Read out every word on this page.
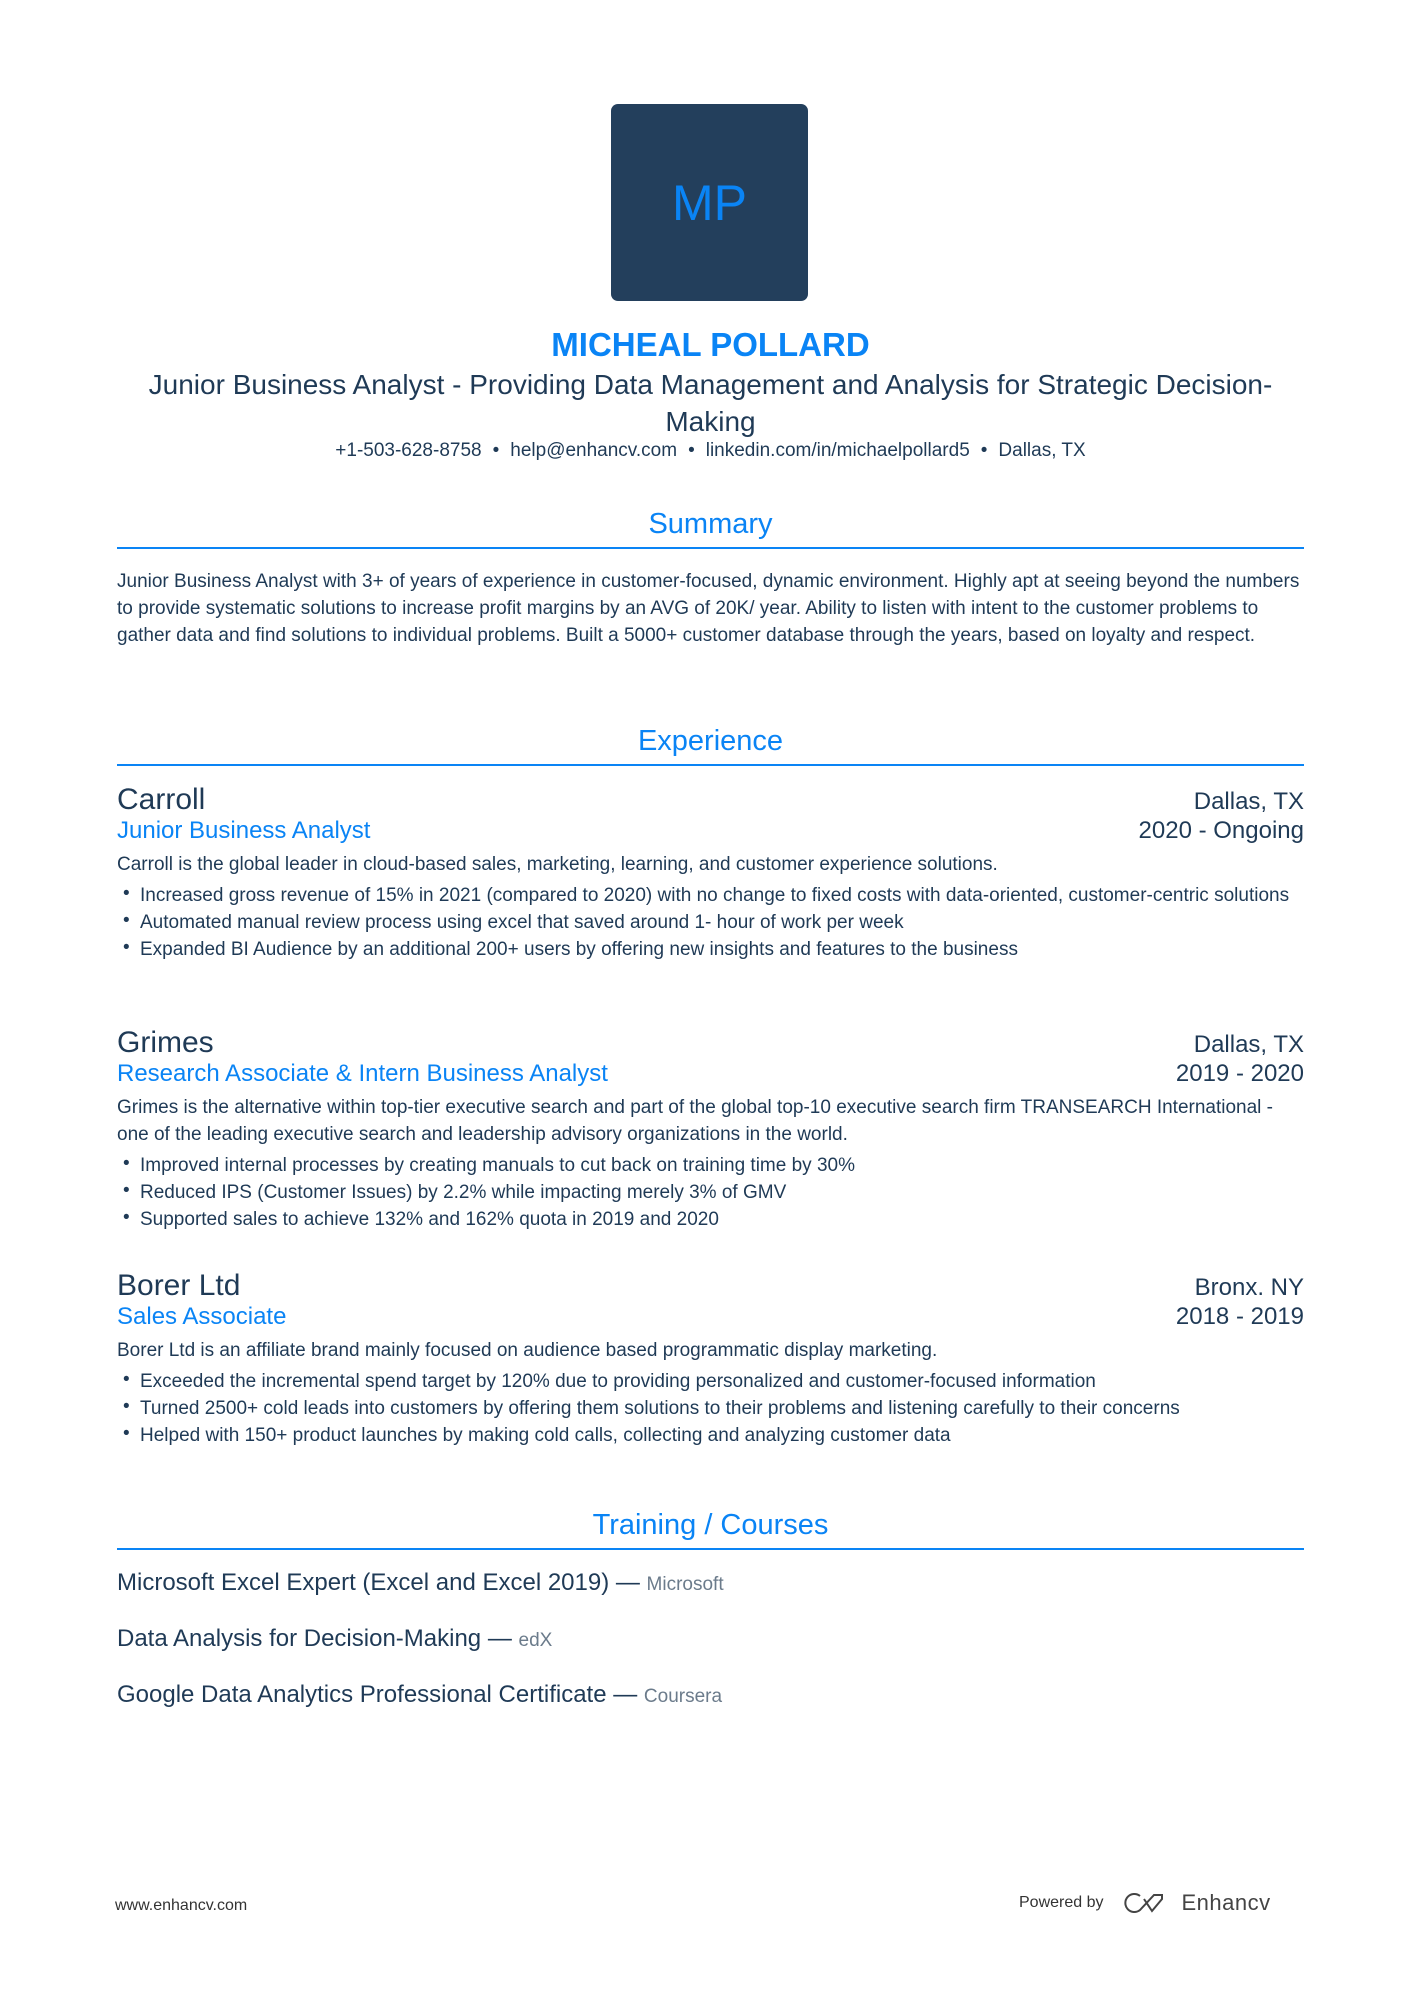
MP
MICHEAL POLLARD
Junior Business Analyst - Providing Data Management and Analysis for Strategic Decision-Making
+1-503-628-8758 • help@enhancv.com • linkedin.com/in/michaelpollard5 • Dallas, TX
Summary
Junior Business Analyst with 3+ of years of experience in customer-focused, dynamic environment. Highly apt at seeing beyond the numbers to provide systematic solutions to increase profit margins by an AVG of 20K/ year. Ability to listen with intent to the customer problems to gather data and find solutions to individual problems. Built a 5000+ customer database through the years, based on loyalty and respect.
Experience
Carroll	Dallas, TX
Junior Business Analyst	2020 - Ongoing
Carroll is the global leader in cloud-based sales, marketing, learning, and customer experience solutions.
• Increased gross revenue of 15% in 2021 (compared to 2020) with no change to fixed costs with data-oriented, customer-centric solutions
• Automated manual review process using excel that saved around 1- hour of work per week
• Expanded BI Audience by an additional 200+ users by offering new insights and features to the business
Grimes	Dallas, TX
Research Associate & Intern Business Analyst	2019 - 2020
Grimes is the alternative within top-tier executive search and part of the global top-10 executive search firm TRANSEARCH International - one of the leading executive search and leadership advisory organizations in the world.
• Improved internal processes by creating manuals to cut back on training time by 30%
• Reduced IPS (Customer Issues) by 2.2% while impacting merely 3% of GMV
• Supported sales to achieve 132% and 162% quota in 2019 and 2020
Borer Ltd	Bronx. NY
Sales Associate	2018 - 2019
Borer Ltd is an affiliate brand mainly focused on audience based programmatic display marketing.
• Exceeded the incremental spend target by 120% due to providing personalized and customer-focused information
• Turned 2500+ cold leads into customers by offering them solutions to their problems and listening carefully to their concerns
• Helped with 150+ product launches by making cold calls, collecting and analyzing customer data
Training / Courses
Microsoft Excel Expert (Excel and Excel 2019) — Microsoft
Data Analysis for Decision-Making — edX
Google Data Analytics Professional Certificate — Coursera
www.enhancv.com	Powered by	Enhancv
